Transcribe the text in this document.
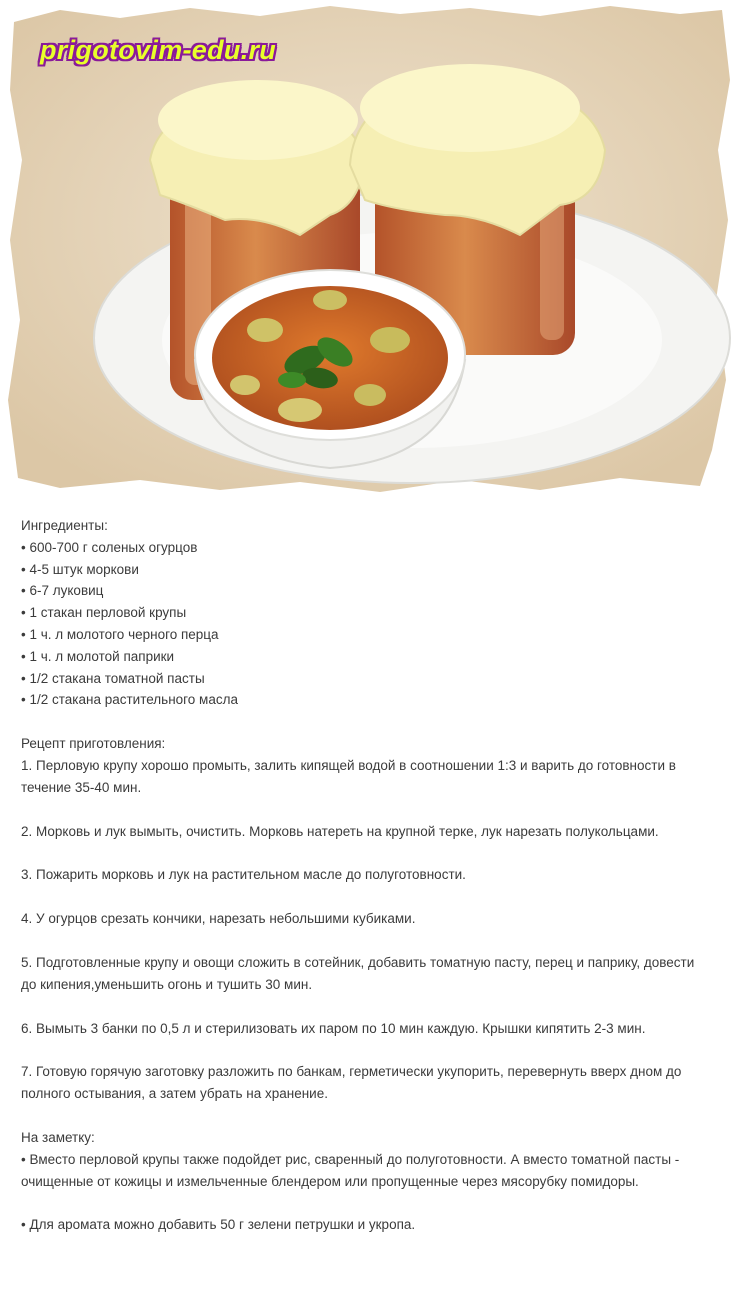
prigotovim-edu.ru

Ингредиенты:

• 600-700 г соленых огурцов
• 4-5 штук моркови
• 6-7 луковиц
• 1 стакан перловой крупы
• 1 ч. л молотого черного перца
• 1 ч. л молотой паприки
• 1/2 стакана томатной пасты
• 1/2 стакана растительного масла

Рецепт приготовления:

1. Перловую крупу хорошо промыть, залить кипящей водой в соотношении 1:3 и варить до готовности в течение 35-40 мин.

2. Морковь и лук вымыть, очистить. Морковь натереть на крупной терке, лук нарезать полукольцами.

3. Пожарить морковь и лук на растительном масле до полуготовности.

4. У огурцов срезать кончики, нарезать небольшими кубиками.

5. Подготовленные крупу и овощи сложить в сотейник, добавить томатную пасту, перец и паприку, довести до кипения,уменьшить огонь и тушить 30 мин.

6. Вымыть 3 банки по 0,5 л и стерилизовать их паром по 10 мин каждую. Крышки кипятить 2-3 мин.

7. Готовую горячую заготовку разложить по банкам, герметически укупорить, перевернуть вверх дном до полного остывания, а затем убрать на хранение.

На заметку:

• Вместо перловой крупы также подойдет рис, сваренный до полуготовности. А вместо томатной пасты - очищенные от кожицы и измельченные блендером или пропущенные через мясорубку помидоры.

• Для аромата можно добавить 50 г зелени петрушки и укропа.
